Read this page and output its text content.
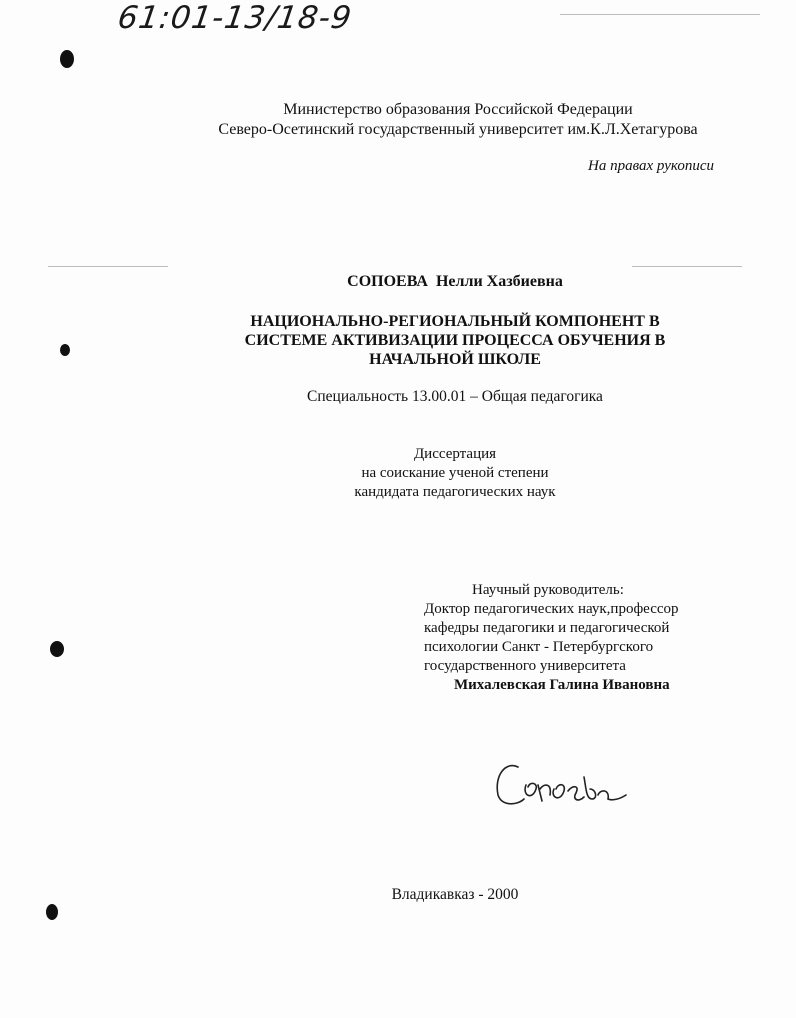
61:01-13/18-9
Министерство образования Российской Федерации
Северо-Осетинский государственный университет им.К.Л.Хетагурова
На правах рукописи
СОПОЕВА Нелли Хазбиевна
НАЦИОНАЛЬНО-РЕГИОНАЛЬНЫЙ КОМПОНЕНТ В
СИСТЕМЕ АКТИВИЗАЦИИ ПРОЦЕССА ОБУЧЕНИЯ В
НАЧАЛЬНОЙ ШКОЛЕ
Специальность 13.00.01 – Общая педагогика
Диссертация
на соискание ученой степени
кандидата педагогических наук
Научный руководитель:
Доктор педагогических наук,профессор
кафедры педагогики и педагогической
психологии Санкт - Петербургского
государственного университета
Михалевская Галина Ивановна
Владикавказ - 2000
